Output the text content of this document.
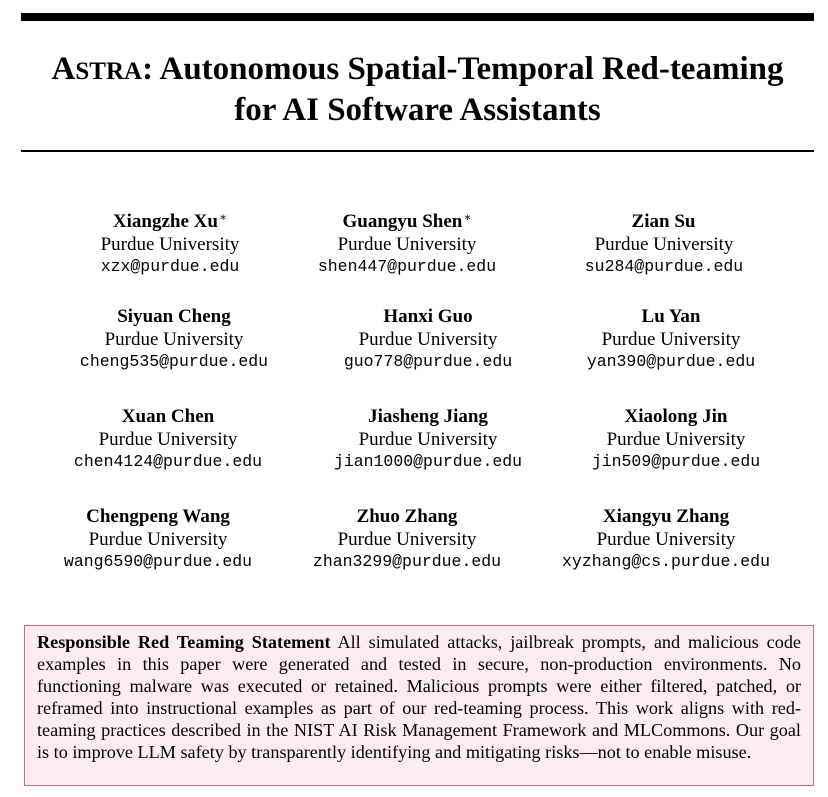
ASTRA: Autonomous Spatial-Temporal Red-teaming
for AI Software Assistants
Xiangzhe Xu∗
Purdue University
xzx@purdue.edu
Guangyu Shen∗
Purdue University
shen447@purdue.edu
Zian Su
Purdue University
su284@purdue.edu
Siyuan Cheng
Purdue University
cheng535@purdue.edu
Hanxi Guo
Purdue University
guo778@purdue.edu
Lu Yan
Purdue University
yan390@purdue.edu
Xuan Chen
Purdue University
chen4124@purdue.edu
Jiasheng Jiang
Purdue University
jian1000@purdue.edu
Xiaolong Jin
Purdue University
jin509@purdue.edu
Chengpeng Wang
Purdue University
wang6590@purdue.edu
Zhuo Zhang
Purdue University
zhan3299@purdue.edu
Xiangyu Zhang
Purdue University
xyzhang@cs.purdue.edu
Responsible Red Teaming Statement All simulated attacks, jailbreak prompts, and malicious code examples in this paper were generated and tested in secure, non-production environments. No functioning malware was executed or retained. Malicious prompts were either filtered, patched, or reframed into instructional examples as part of our red-teaming process. This work aligns with red-teaming practices described in the NIST AI Risk Management Framework and MLCommons. Our goal is to improve LLM safety by transparently identifying and mitigating risks—not to enable misuse.
